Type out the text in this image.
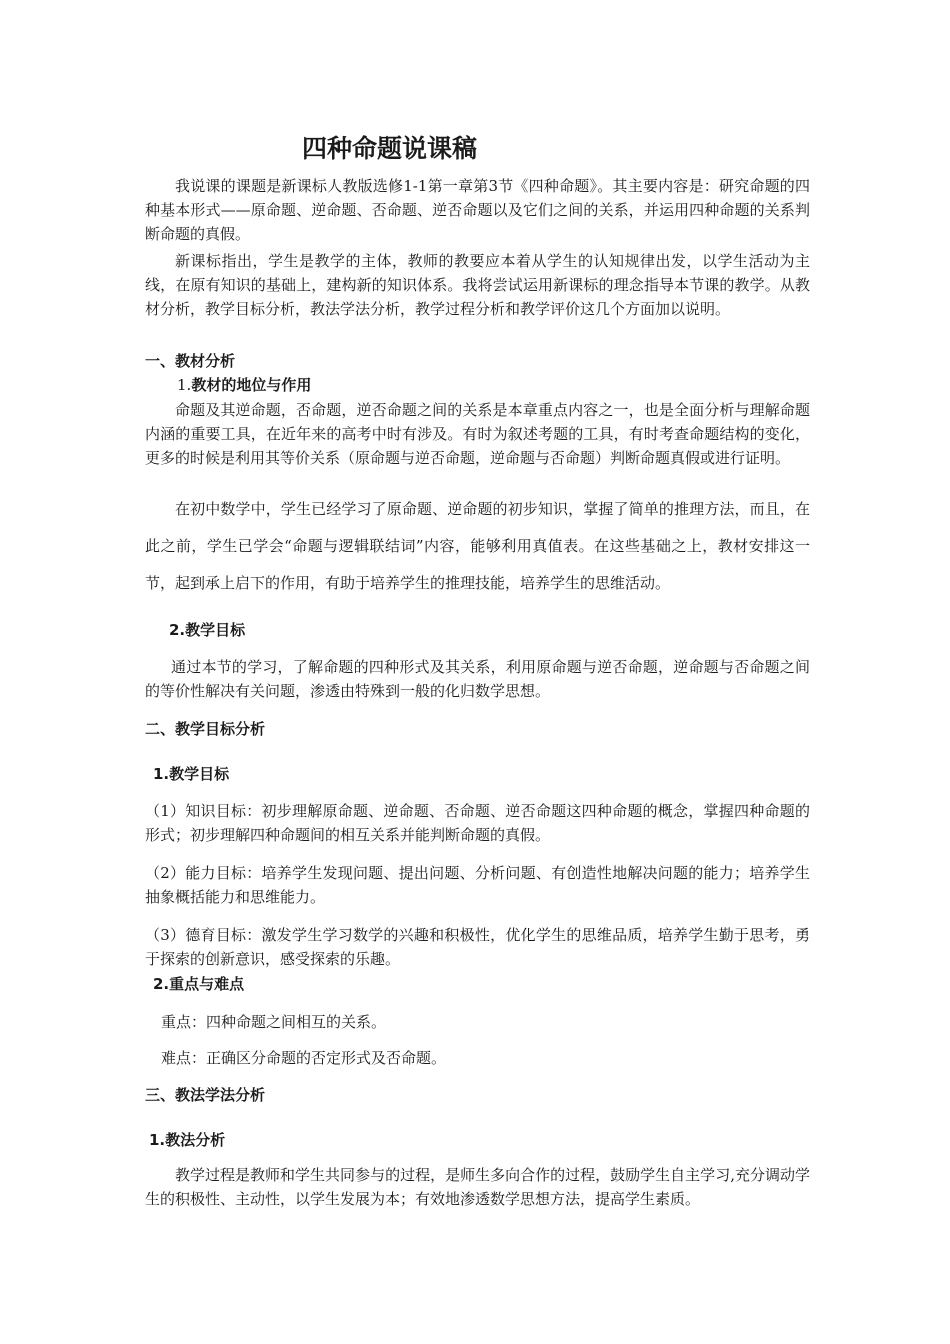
四种命题说课稿

我说课的课题是新课标人教版选修1-1第一章第3节《四种命题》。其主要内容是：研究命题的四种基本形式——原命题、逆命题、否命题、逆否命题以及它们之间的关系，并运用四种命题的关系判断命题的真假。

新课标指出，学生是教学的主体，教师的教要应本着从学生的认知规律出发，以学生活动为主线，在原有知识的基础上，建构新的知识体系。我将尝试运用新课标的理念指导本节课的教学。从教材分析，教学目标分析，教法学法分析，教学过程分析和教学评价这几个方面加以说明。

一、教材分析
1.教材的地位与作用

命题及其逆命题，否命题，逆否命题之间的关系是本章重点内容之一，也是全面分析与理解命题内涵的重要工具，在近年来的高考中时有涉及。有时为叙述考题的工具，有时考查命题结构的变化，更多的时候是利用其等价关系（原命题与逆否命题，逆命题与否命题）判断命题真假或进行证明。

在初中数学中，学生已经学习了原命题、逆命题的初步知识，掌握了简单的推理方法，而且，在此之前，学生已学会“命题与逻辑联结词”内容，能够利用真值表。在这些基础之上，教材安排这一节，起到承上启下的作用，有助于培养学生的推理技能，培养学生的思维活动。

2.教学目标

通过本节的学习，了解命题的四种形式及其关系，利用原命题与逆否命题，逆命题与否命题之间的等价性解决有关问题，渗透由特殊到一般的化归数学思想。

二、教学目标分析
1.教学目标

（1）知识目标：初步理解原命题、逆命题、否命题、逆否命题这四种命题的概念，掌握四种命题的形式；初步理解四种命题间的相互关系并能判断命题的真假。

（2）能力目标：培养学生发现问题、提出问题、分析问题、有创造性地解决问题的能力；培养学生抽象概括能力和思维能力。

（3）德育目标：激发学生学习数学的兴趣和积极性，优化学生的思维品质，培养学生勤于思考，勇于探索的创新意识，感受探索的乐趣。

2.重点与难点

重点：四种命题之间相互的关系。

难点：正确区分命题的否定形式及否命题。

三、教法学法分析
1.教法分析

教学过程是教师和学生共同参与的过程，是师生多向合作的过程，鼓励学生自主学习,充分调动学生的积极性、主动性，以学生发展为本；有效地渗透数学思想方法，提高学生素质。
